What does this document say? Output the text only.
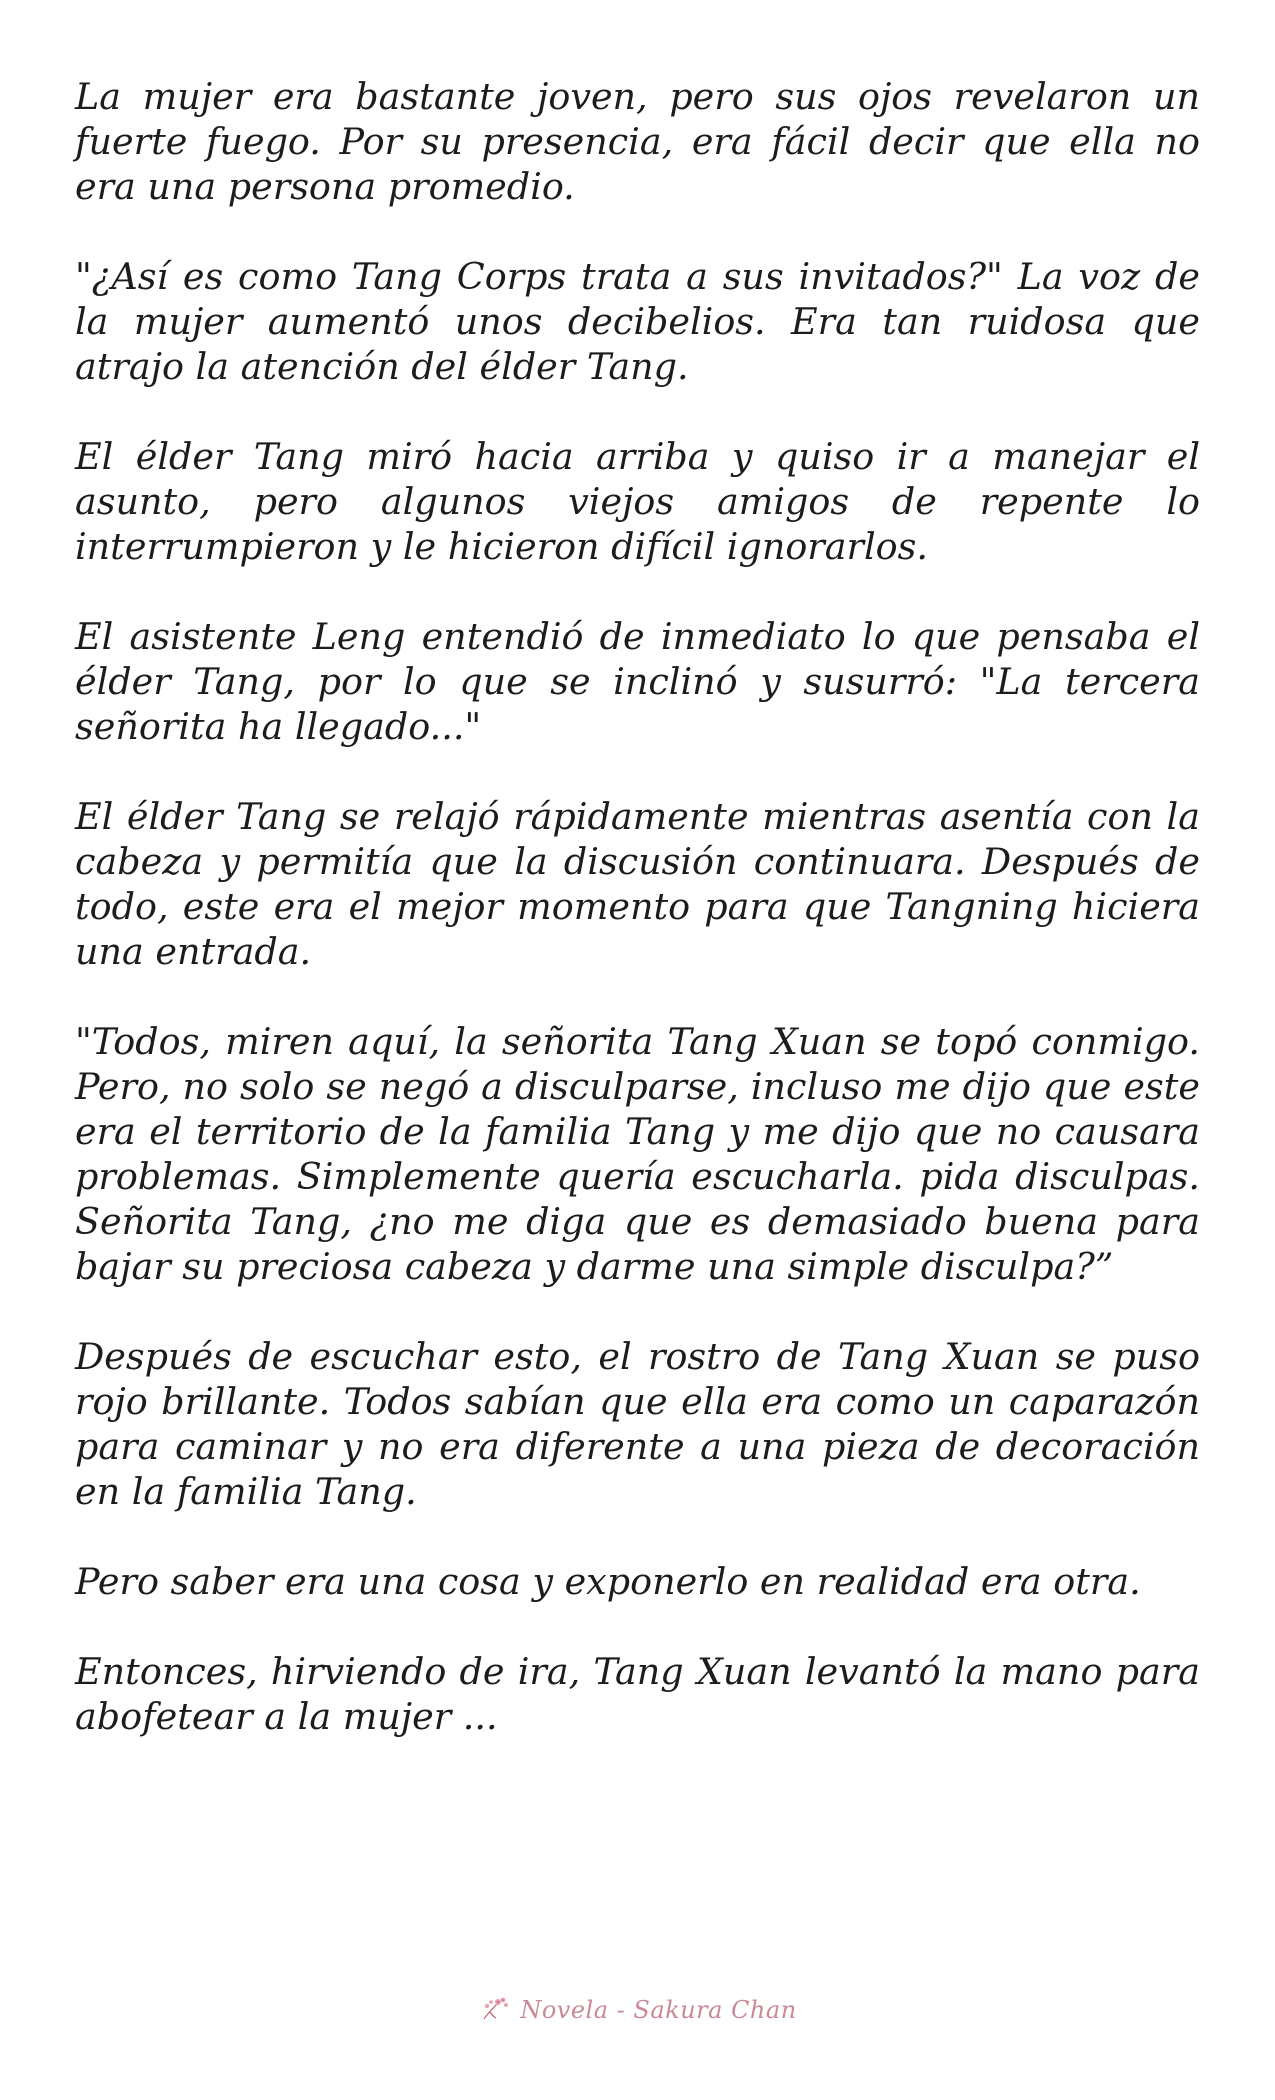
La mujer era bastante joven, pero sus ojos revelaron un fuerte fuego. Por su presencia, era fácil decir que ella no era una persona promedio.

"¿Así es como Tang Corps trata a sus invitados?" La voz de la mujer aumentó unos decibelios. Era tan ruidosa que atrajo la atención del élder Tang.

El élder Tang miró hacia arriba y quiso ir a manejar el asunto, pero algunos viejos amigos de repente lo interrumpieron y le hicieron difícil ignorarlos.

El asistente Leng entendió de inmediato lo que pensaba el élder Tang, por lo que se inclinó y susurró: "La tercera señorita ha llegado..."

El élder Tang se relajó rápidamente mientras asentía con la cabeza y permitía que la discusión continuara. Después de todo, este era el mejor momento para que Tangning hiciera una entrada.

"Todos, miren aquí, la señorita Tang Xuan se topó conmigo. Pero, no solo se negó a disculparse, incluso me dijo que este era el territorio de la familia Tang y me dijo que no causara problemas. Simplemente quería escucharla. pida disculpas. Señorita Tang, ¿no me diga que es demasiado buena para bajar su preciosa cabeza y darme una simple disculpa?”

Después de escuchar esto, el rostro de Tang Xuan se puso rojo brillante. Todos sabían que ella era como un caparazón para caminar y no era diferente a una pieza de decoración en la familia Tang.

Pero saber era una cosa y exponerlo en realidad era otra.

Entonces, hirviendo de ira, Tang Xuan levantó la mano para abofetear a la mujer ...

Novela - Sakura Chan
